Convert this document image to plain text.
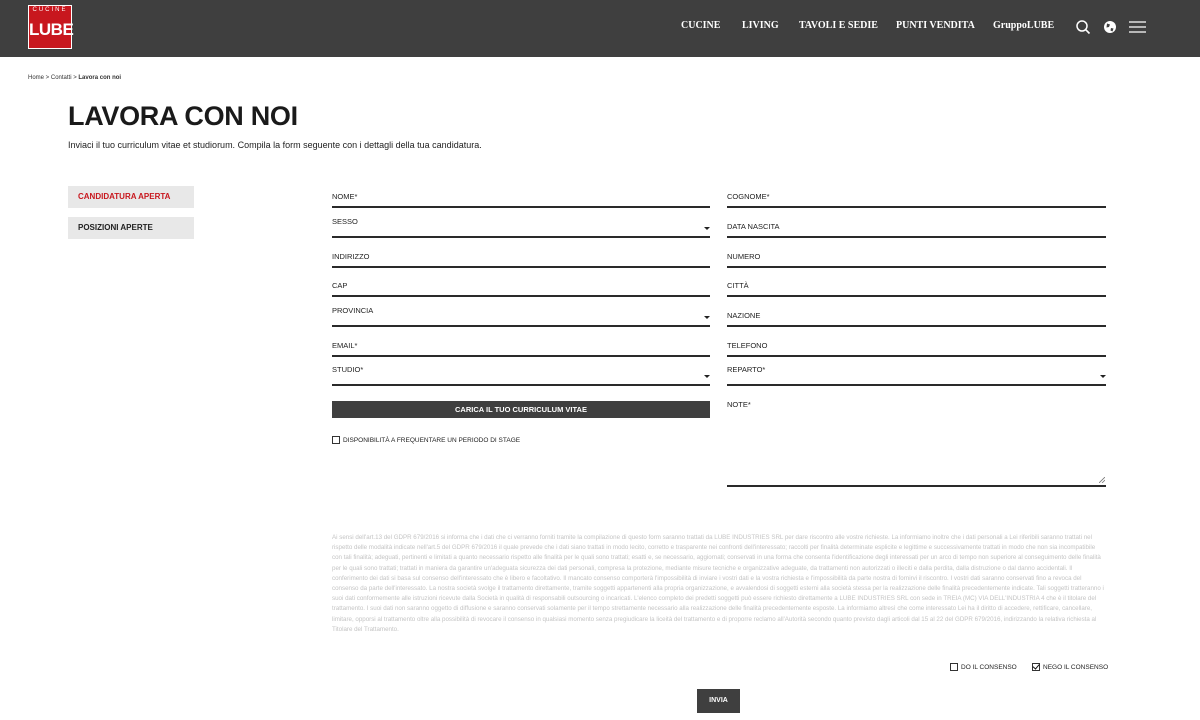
CUCINE
LUBE	CUCINE LIVING TAVOLI E SEDIE PUNTI VENDITA GruppoLUBE
Home > Contatti > Lavora con noi
LAVORA CON NOI

Inviaci il tuo curriculum vitae et studiorum. Compila la form seguente con i dettagli della tua candidatura.

CANDIDATURA APERTA
POSIZIONI APERTE
NOME*
SESSO
INDIRIZZO
CAP
PROVINCIA
EMAIL*
STUDIO*
COGNOME*
DATA NASCITA
NUMERO
CITTÀ
NAZIONE
TELEFONO
REPARTO*
NOTE*
CARICA IL TUO CURRICULUM VITAE
DISPONIBILITÀ A FREQUENTARE UN PERIODO DI STAGE

Ai sensi dell'art.13 del GDPR 679/2016 si informa che i dati che ci verranno forniti tramite la compilazione di questo form saranno trattati da LUBE INDUSTRIES SRL per dare riscontro alle vostre richieste. La informiamo inoltre che i dati personali a Lei riferibili saranno trattati nel rispetto delle modalità indicate nell'art.5 del GDPR 679/2016 il quale prevede che i dati siano trattati in modo lecito, corretto e trasparente nei confronti dell'interessato; raccolti per finalità determinate esplicite e legittime e successivamente trattati in modo che non sia incompatibile con tali finalità; adeguati, pertinenti e limitati a quanto necessario rispetto alle finalità per le quali sono trattati; esatti e, se necessario, aggiornati; conservati in una forma che consenta l'identificazione degli interessati per un arco di tempo non superiore al conseguimento delle finalità per le quali sono trattati; trattati in maniera da garantire un'adeguata sicurezza dei dati personali, compresa la protezione, mediante misure tecniche e organizzative adeguate, da trattamenti non autorizzati o illeciti e dalla perdita, dalla distruzione o dal danno accidentali. Il conferimento dei dati si basa sul consenso dell'interessato che è libero e facoltativo. Il mancato consenso comporterà l'impossibilità di inviare i vostri dati e la vostra richiesta e l'impossibilità da parte nostra di fornirvi il riscontro. I vostri dati saranno conservati fino a revoca del consenso da parte dell'interessato. La nostra società svolge il trattamento direttamente, tramite soggetti appartenenti alla propria organizzazione, e avvalendosi di soggetti esterni alla società stessa per la realizzazione delle finalità precedentemente indicate. Tali soggetti tratteranno i suoi dati conformemente alle istruzioni ricevute dalla Società in qualità di responsabili outsourcing o incaricati. L'elenco completo dei predetti soggetti può essere richiesto direttamente a LUBE INDUSTRIES SRL con sede in TREIA (MC) VIA DELL'INDUSTRIA 4 che è il titolare del trattamento. I suoi dati non saranno oggetto di diffusione e saranno conservati solamente per il tempo strettamente necessario alla realizzazione delle finalità precedentemente esposte. La informiamo altresì che come interessato Lei ha il diritto di accedere, rettificare, cancellare, limitare, opporsi al trattamento oltre alla possibilità di revocare il consenso in qualsiasi momento senza pregiudicare la liceità del trattamento e di proporre reclamo all'Autorità secondo quanto previsto dagli articoli dal 15 al 22 del GDPR 679/2016, indirizzando la relativa richiesta al Titolare del Trattamento.

DO IL CONSENSO	NEGO IL CONSENSO
INVIA
